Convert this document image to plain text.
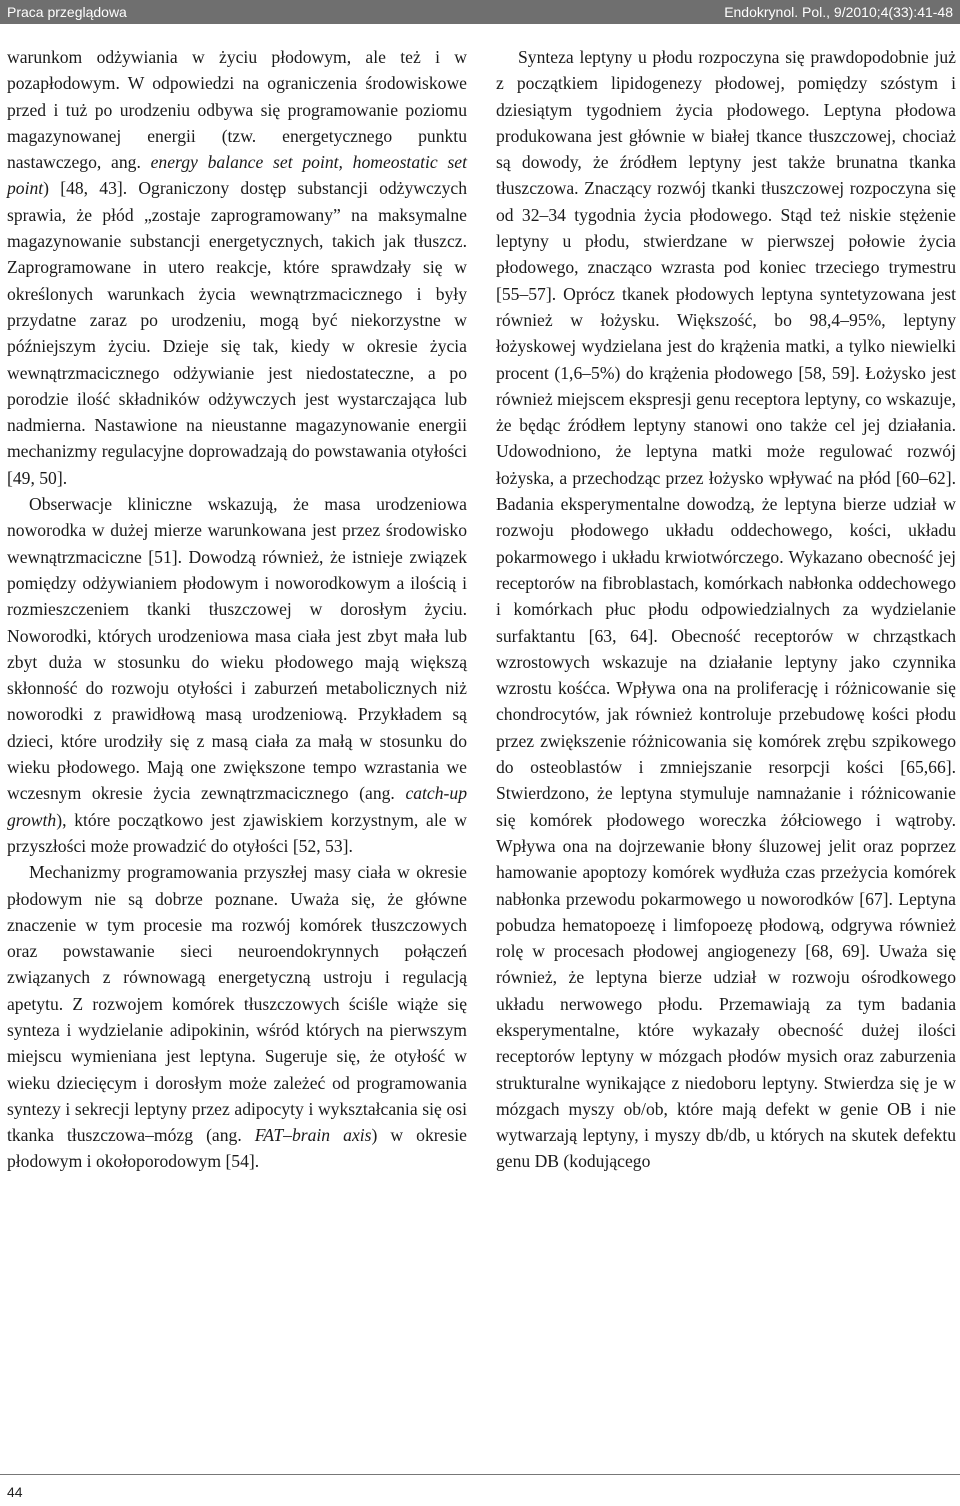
Praca przeglądowa	Endokrynol. Pol., 9/2010;4(33):41-48

warunkom odżywiania w życiu płodowym, ale też i w pozapłodowym. W odpowiedzi na ograniczenia środowiskowe przed i tuż po urodzeniu odbywa się programowanie poziomu magazynowanej energii (tzw. energetycznego punktu nastawczego, ang. energy balance set point, homeostatic set point) [48, 43]. Ograniczony dostęp substancji odżywczych sprawia, że płód „zostaje zaprogramowany” na maksymalne magazynowanie substancji energetycznych, takich jak tłuszcz. Zaprogramowane in utero reakcje, które sprawdzały się w określonych warunkach życia wewnątrzmacicznego i były przydatne zaraz po urodzeniu, mogą być niekorzystne w późniejszym życiu. Dzieje się tak, kiedy w okresie życia wewnątrzmacicznego odżywianie jest niedostateczne, a po porodzie ilość składników odżywczych jest wystarczająca lub nadmierna. Nastawione na nieustanne magazynowanie energii mechanizmy regulacyjne doprowadzają do powstawania otyłości [49, 50].

Obserwacje kliniczne wskazują, że masa urodzeniowa noworodka w dużej mierze warunkowana jest przez środowisko wewnątrzmaciczne [51]. Dowodzą również, że istnieje związek pomiędzy odżywianiem płodowym i noworodkowym a ilością i rozmieszczeniem tkanki tłuszczowej w dorosłym życiu. Noworodki, których urodzeniowa masa ciała jest zbyt mała lub zbyt duża w stosunku do wieku płodowego mają większą skłonność do rozwoju otyłości i zaburzeń metabolicznych niż noworodki z prawidłową masą urodzeniową. Przykładem są dzieci, które urodziły się z masą ciała za małą w stosunku do wieku płodowego. Mają one zwiększone tempo wzrastania we wczesnym okresie życia zewnątrzmacicznego (ang. catch-up growth), które początkowo jest zjawiskiem korzystnym, ale w przyszłości może prowadzić do otyłości [52, 53].

Mechanizmy programowania przyszłej masy ciała w okresie płodowym nie są dobrze poznane. Uważa się, że główne znaczenie w tym procesie ma rozwój komórek tłuszczowych oraz powstawanie sieci neuroendokrynnych połączeń związanych z równowagą energetyczną ustroju i regulacją apetytu. Z rozwojem komórek tłuszczowych ściśle wiąże się synteza i wydzielanie adipokinin, wśród których na pierwszym miejscu wymieniana jest leptyna. Sugeruje się, że otyłość w wieku dziecięcym i dorosłym może zależeć od programowania syntezy i sekrecji leptyny przez adipocyty i wykształcania się osi tkanka tłuszczowa–mózg (ang. FAT–brain axis) w okresie płodowym i okołoporodowym [54].

Synteza leptyny u płodu rozpoczyna się prawdopodobnie już z początkiem lipidogenezy płodowej, pomiędzy szóstym i dziesiątym tygodniem życia płodowego. Leptyna płodowa produkowana jest głównie w białej tkance tłuszczowej, chociaż są dowody, że źródłem leptyny jest także brunatna tkanka tłuszczowa. Znaczący rozwój tkanki tłuszczowej rozpoczyna się od 32–34 tygodnia życia płodowego. Stąd też niskie stężenie leptyny u płodu, stwierdzane w pierwszej połowie życia płodowego, znacząco wzrasta pod koniec trzeciego trymestru [55–57]. Oprócz tkanek płodowych leptyna syntetyzowana jest również w łożysku. Większość, bo 98,4–95%, leptyny łożyskowej wydzielana jest do krążenia matki, a tylko niewielki procent (1,6–5%) do krążenia płodowego [58, 59]. Łożysko jest również miejscem ekspresji genu receptora leptyny, co wskazuje, że będąc źródłem leptyny stanowi ono także cel jej działania. Udowodniono, że leptyna matki może regulować rozwój łożyska, a przechodząc przez łożysko wpływać na płód [60–62]. Badania eksperymentalne dowodzą, że leptyna bierze udział w rozwoju płodowego układu oddechowego, kości, układu pokarmowego i układu krwiotwórczego. Wykazano obecność jej receptorów na fibroblastach, komórkach nabłonka oddechowego i komórkach płuc płodu odpowiedzialnych za wydzielanie surfaktantu [63, 64]. Obecność receptorów w chrząstkach wzrostowych wskazuje na działanie leptyny jako czynnika wzrostu kośćca. Wpływa ona na proliferację i różnicowanie się chondrocytów, jak również kontroluje przebudowę kości płodu przez zwiększenie różnicowania się komórek zrębu szpikowego do osteoblastów i zmniejszanie resorpcji kości [65,66]. Stwierdzono, że leptyna stymuluje namnażanie i różnicowanie się komórek płodowego woreczka żółciowego i wątroby. Wpływa ona na dojrzewanie błony śluzowej jelit oraz poprzez hamowanie apoptozy komórek wydłuża czas przeżycia komórek nabłonka przewodu pokarmowego u noworodków [67]. Leptyna pobudza hematopoezę i limfopoezę płodową, odgrywa również rolę w procesach płodowej angiogenezy [68, 69]. Uważa się również, że leptyna bierze udział w rozwoju ośrodkowego układu nerwowego płodu. Przemawiają za tym badania eksperymentalne, które wykazały obecność dużej ilości receptorów leptyny w mózgach płodów mysich oraz zaburzenia strukturalne wynikające z niedoboru leptyny. Stwierdza się je w mózgach myszy ob/ob, które mają defekt w genie OB i nie wytwarzają leptyny, i myszy db/db, u których na skutek defektu genu DB (kodującego

44
